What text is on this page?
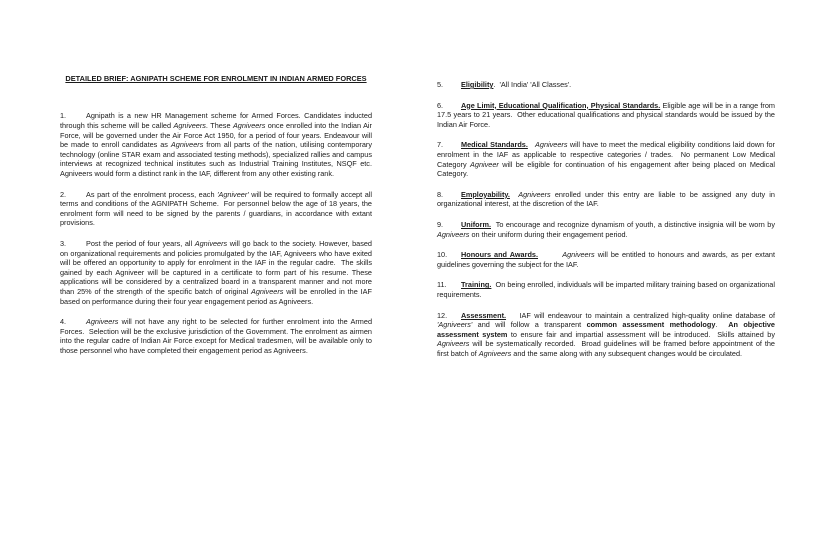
DETAILED BRIEF: AGNIPATH SCHEME FOR ENROLMENT IN INDIAN ARMED FORCES
1.	Agnipath is a new HR Management scheme for Armed Forces. Candidates inducted through this scheme will be called Agniveers. These Agniveers once enrolled into the Indian Air Force, will be governed under the Air Force Act 1950, for a period of four years. Endeavour will be made to enroll candidates as Agniveers from all parts of the nation, utilising contemporary technology (online STAR exam and associated testing methods), specialized rallies and campus interviews at recognized technical institutes such as Industrial Training Institutes, NSQF etc. Agniveers would form a distinct rank in the IAF, different from any other existing rank.
2.	As part of the enrolment process, each 'Agniveer' will be required to formally accept all terms and conditions of the AGNIPATH Scheme.  For personnel below the age of 18 years, the enrolment form will need to be signed by the parents / guardians, in accordance with extant provisions.
3.	Post the period of four years, all Agniveers will go back to the society. However, based on organizational requirements and policies promulgated by the IAF, Agniveers who have exited will be offered an opportunity to apply for enrolment in the IAF in the regular cadre.  The skills gained by each Agniveer will be captured in a certificate to form part of his resume. These applications will be considered by a centralized board in a transparent manner and not more than 25% of the strength of the specific batch of original Agniveers will be enrolled in the IAF based on performance during their four year engagement period as Agniveers.
4.	Agniveers will not have any right to be selected for further enrolment into the Armed Forces.  Selection will be the exclusive jurisdiction of the Government. The enrolment as airmen into the regular cadre of Indian Air Force except for Medical tradesmen, will be available only to those personnel who have completed their engagement period as Agniveers.
5. Eligibility.  'All India' 'All Classes'.
6. Age Limit, Educational Qualification, Physical Standards. Eligible age will be in a range from 17.5 years to 21 years.  Other educational qualifications and physical standards would be issued by the Indian Air Force.
7. Medical Standards. Agniveers will have to meet the medical eligibility conditions laid down for enrolment in the IAF as applicable to respective categories / trades.  No permanent Low Medical Category Agniveer will be eligible for continuation of his engagement after being placed on Medical Category.
8. Employability. Agniveers enrolled under this entry are liable to be assigned any duty in organizational interest, at the discretion of the IAF.
9. Uniform.  To encourage and recognize dynamism of youth, a distinctive insignia will be worn by Agniveers on their uniform during their engagement period.
10. Honours and Awards.	Agniveers will be entitled to honours and awards, as per extant guidelines governing the subject for the IAF.
11. Training.  On being enrolled, individuals will be imparted military training based on organizational requirements.
12. Assessment.    IAF will endeavour to maintain a centralized high-quality online database of 'Agniveers' and will follow a transparent common assessment methodology.  An objective assessment system to ensure fair and impartial assessment will be introduced.  Skills attained by Agniveers will be systematically recorded.  Broad guidelines will be framed before appointment of the first batch of Agniveers and the same along with any subsequent changes would be circulated.
